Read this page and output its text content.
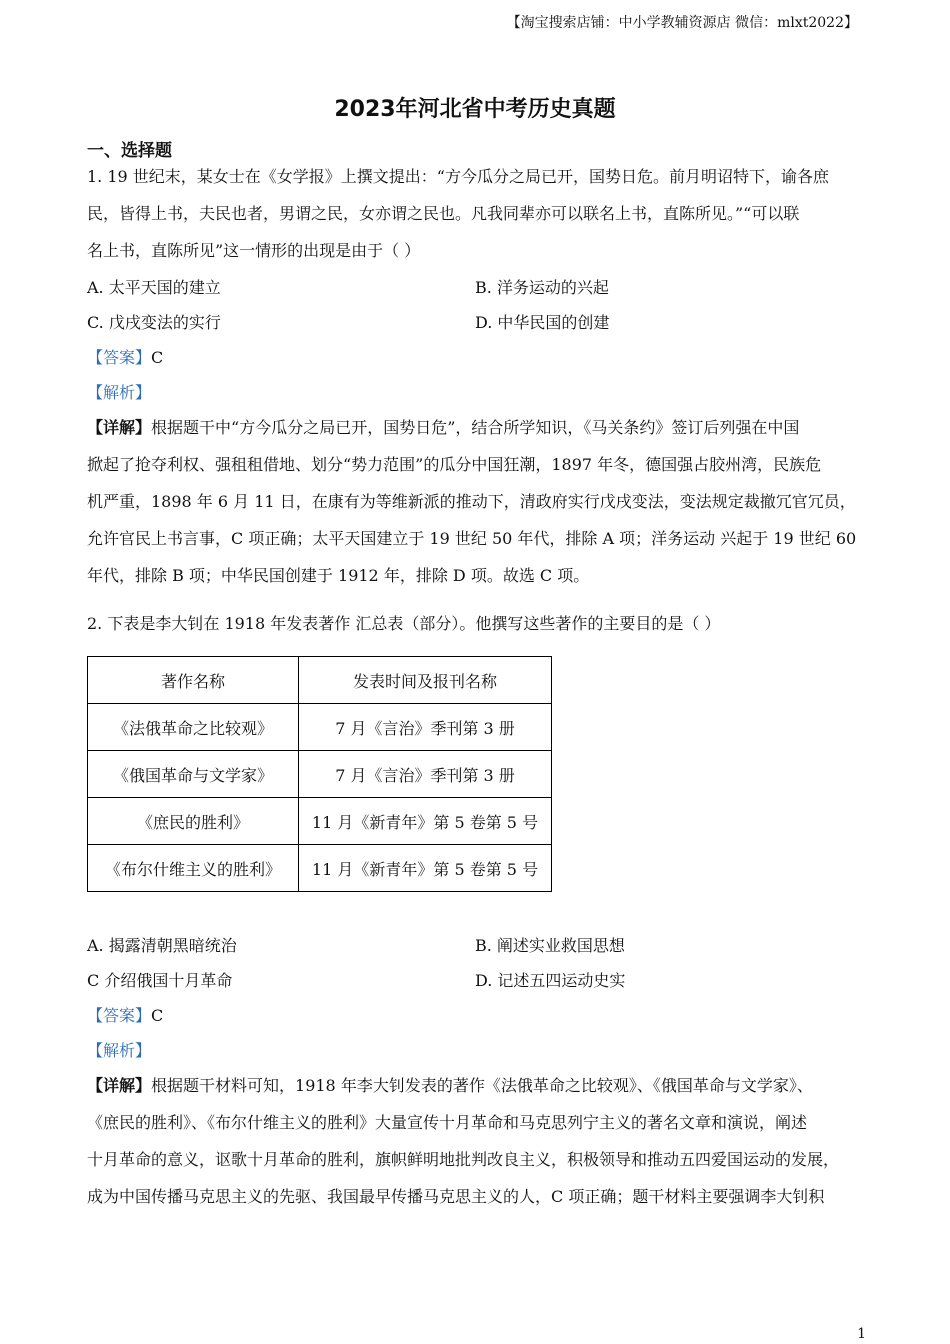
【淘宝搜索店铺：中小学教辅资源店 微信：mlxt2022】
2023年河北省中考历史真题
一、选择题
1. 19 世纪末，某女士在《女学报》上撰文提出：“方今瓜分之局已开，国势日危。前月明诏特下，谕各庶
民，皆得上书，夫民也者，男谓之民，女亦谓之民也。凡我同辈亦可以联名上书，直陈所见。”“可以联
名上书，直陈所见”这一情形的出现是由于（ ）
A. 太平天国的建立	B. 洋务运动的兴起
C. 戊戌变法的实行	D. 中华民国的创建
【答案】C
【解析】
【详解】根据题干中“方今瓜分之局已开，国势日危”，结合所学知识，《马关条约》签订后列强在中国
掀起了抢夺利权、强租租借地、划分“势力范围”的瓜分中国狂潮，1897 年冬，德国强占胶州湾，民族危
机严重，1898 年 6 月 11 日，在康有为等维新派的推动下，清政府实行戊戌变法，变法规定裁撤冗官冗员，
允许官民上书言事，C 项正确；太平天国建立于 19 世纪 50 年代，排除 A 项；洋务运动 兴起于 19 世纪 60
年代，排除 B 项；中华民国创建于 1912 年，排除 D 项。故选 C 项。
2. 下表是李大钊在 1918 年发表著作 汇总表（部分）。他撰写这些著作的主要目的是（ ）
著作名称	发表时间及报刊名称
《法俄革命之比较观》	7 月《言治》季刊第 3 册
《俄国革命与文学家》	7 月《言治》季刊第 3 册
《庶民的胜利》	11 月《新青年》第 5 卷第 5 号
《布尔什维主义的胜利》	11 月《新青年》第 5 卷第 5 号
A. 揭露清朝黑暗统治	B. 阐述实业救国思想
C 介绍俄国十月革命	D. 记述五四运动史实
【答案】C
【解析】
【详解】根据题干材料可知，1918 年李大钊发表的著作《法俄革命之比较观》、《俄国革命与文学家》、
《庶民的胜利》、《布尔什维主义的胜利》大量宣传十月革命和马克思列宁主义的著名文章和演说，阐述
十月革命的意义，讴歌十月革命的胜利，旗帜鲜明地批判改良主义，积极领导和推动五四爱国运动的发展，
成为中国传播马克思主义的先驱、我国最早传播马克思主义的人，C 项正确；题干材料主要强调李大钊积
1
